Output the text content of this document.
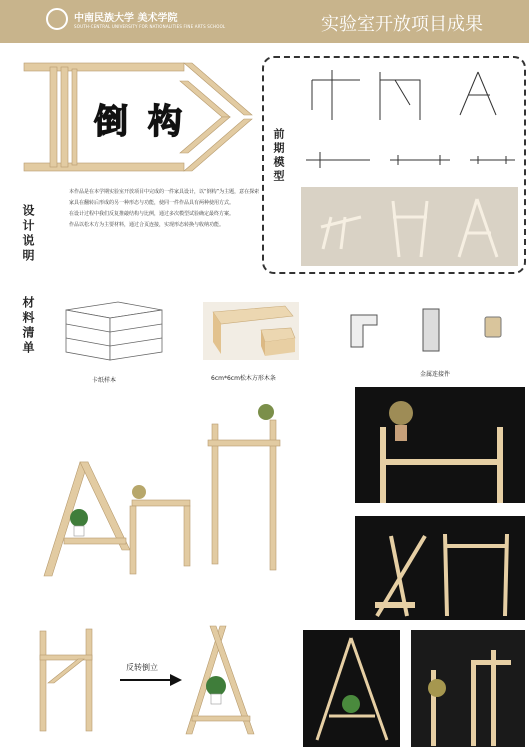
中南民族大学 美术学院
SOUTH-CENTRAL UNIVERSITY FOR NATIONALITIES FINE ARTS SCHOOL	实验室开放项目成果
倒 构
前期模型
设计说明
本作品是在本学期实验室开放项目中完成的一件家具设计，以“倒构”为主题，意在探索
家具在翻转后形成的另一种形态与功能，使同一件作品具有两种使用方式。
在设计过程中我们反复推敲结构与比例，通过多次模型试验确定最终方案。
作品以松木方为主要材料，通过合页连接，实现形态转换与收纳功能。
材料清单
卡纸样本	6cm*6cm松木方形木条
金属连接件
反转倒立
